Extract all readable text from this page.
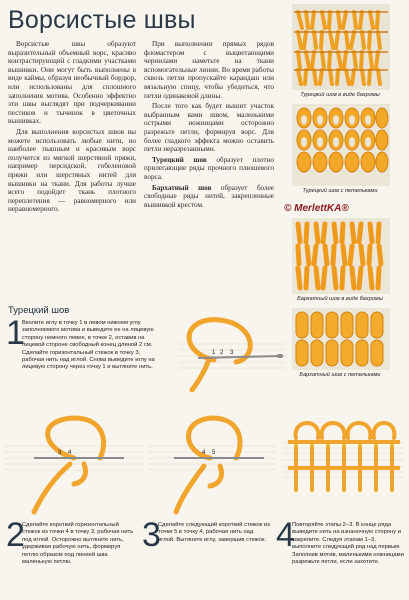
Ворсистые швы

Ворсистые швы образуют выразительный объемный ворс, красиво контрастирующий с гладкими участками вышивки. Они могут быть выполнены в виде каймы, образуя необычный бордюр, или использованы для сплошного заполнения мотива. Особенно эффектно эти швы выглядят при подчеркивании пестиков и тычинок в цветочных вышивках.

Для выполнения ворсистых швов вы можете использовать любые нити, но наиболее пышным и красивым ворс получится из мягкой шерстяной пряжи, например персидской, гобеленовой пряжи или шерстяных нитей для вышивки на ткани. Для работы лучше всего подойдет ткань плотного переплетения — равномерного или неравномерного.

При выполнении прямых рядов фломастером с выцветающими чернилами наметьте на ткани вспомогательные линии. Во время работы сквозь петли пропускайте карандаш или вязальную спицу, чтобы убедиться, что петли одинаковой длины.

После того как будет вышит участок выбранным вами швом, маленькими острыми ножницами осторожно разрежьте петли, формируя ворс. Для более гладкого эффекта можно оставить петли неразрезанными.

Турецкий шов образует плотно прилегающие ряды прочного плюшевого ворса.

Бархатный шов образует более свободные ряды нитей, закрепленные вышивкой крестом.

Турецкий шов в виде бахромы
Турецкий шов с петельками
© MerlettKA®
Бархатный шов в виде бахромы
Бархатный шов с петельками
Турецкий шов
1
Вколите иглу в точку 1 в левом нижнем углу заполняемого мотива и выведите ее на лицевую сторону немного левее, в точке 2, оставив на лицевой стороне свободный конец длиной 2 см. Сделайте горизонтальный стежок в точку 3, рабочая нить над иглой. Снова выведите иглу на лицевую сторону через точку 1 и вытяните нить.
1 2 3
3 4	4 5
2
Сделайте короткий горизонтальный стежок из точки 4 в точку 3, рабочая нить под иглой. Осторожно вытяните нить, удерживая рабочую нить, формируя петлю образом под линией шва маленькую петлю.
3
Сделайте следующий короткий стежок из точки 5 в точку 4, рабочая нить над иглой. Вытяните иглу, завершив стежок. 4
Повторяйте этапы 2–3. В конце ряда выведите нить на изнаночную сторону и закрепите. Следуя этапам 1–3, выполните следующий ряд над первым. Заполнив мотив, маленькими ножницами разрежьте петли, если захотите.
